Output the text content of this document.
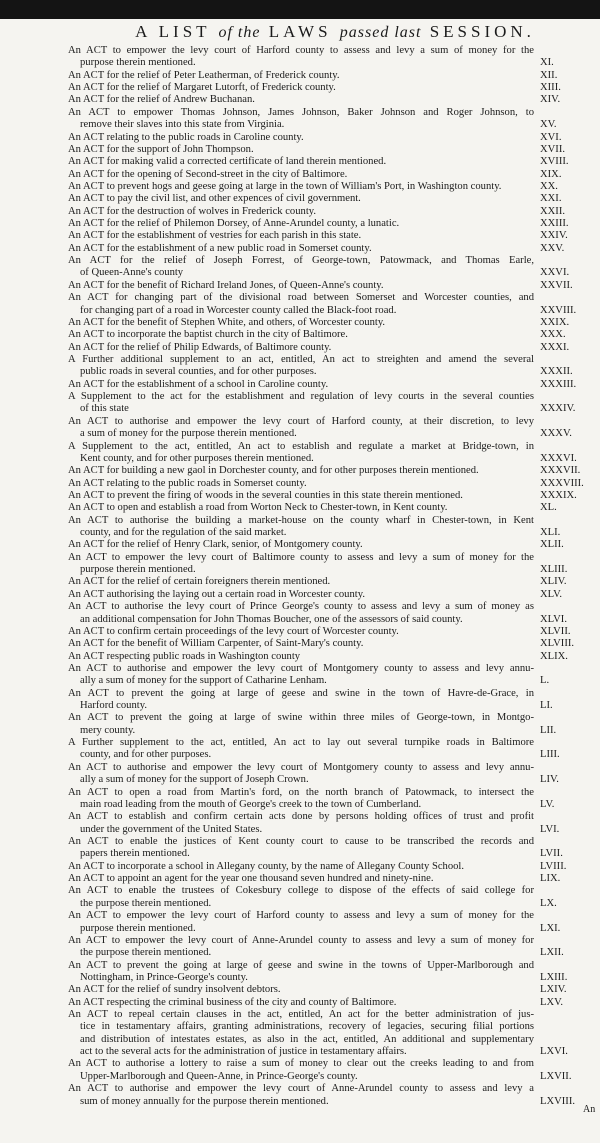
A LIST of the LAWS passed last SESSION.
An ACT to empower the levy court of Harford county to assess and levy a sum of money for the
purpose therein mentioned.	XI.
An ACT for the relief of Peter Leatherman, of Frederick county.	XII.
An ACT for the relief of Margaret Lutorft, of Frederick county.	XIII.
An ACT for the relief of Andrew Buchanan.	XIV.
An ACT to empower Thomas Johnson, James Johnson, Baker Johnson and Roger Johnson, to
remove their slaves into this state from Virginia.	XV.
An ACT relating to the public roads in Caroline county.	XVI.
An ACT for the support of John Thompson.	XVII.
An ACT for making valid a corrected certificate of land therein mentioned.	XVIII.
An ACT for the opening of Second-street in the city of Baltimore.	XIX.
An ACT to prevent hogs and geese going at large in the town of William's Port, in Washington county.	XX.
An ACT to pay the civil list, and other expences of civil government.	XXI.
An ACT for the destruction of wolves in Frederick county.	XXII.
An ACT for the relief of Philemon Dorsey, of Anne-Arundel county, a lunatic.	XXIII.
An ACT for the establishment of vestries for each parish in this state.	XXIV.
An ACT for the establishment of a new public road in Somerset county.	XXV.
An ACT for the relief of Joseph Forrest, of George-town, Patowmack, and Thomas Earle,
of Queen-Anne's county	XXVI.
An ACT for the benefit of Richard Ireland Jones, of Queen-Anne's county.	XXVII.
An ACT for changing part of the divisional road between Somerset and Worcester counties, and
for changing part of a road in Worcester county called the Black-foot road.	XXVIII.
An ACT for the benefit of Stephen White, and others, of Worcester county.	XXIX.
An ACT to incorporate the baptist church in the city of Baltimore.	XXX.
An ACT for the relief of Philip Edwards, of Baltimore county.	XXXI.
A Further additional supplement to an act, entitled, An act to streighten and amend the several
public roads in several counties, and for other purposes.	XXXII.
An ACT for the establishment of a school in Caroline county.	XXXIII.
A Supplement to the act for the establishment and regulation of levy courts in the several counties
of this state	XXXIV.
An ACT to authorise and empower the levy court of Harford county, at their discretion, to levy
a sum of money for the purpose therein mentioned.	XXXV.
A Supplement to the act, entitled, An act to establish and regulate a market at Bridge-town, in
Kent county, and for other purposes therein mentioned.	XXXVI.
An ACT for building a new gaol in Dorchester county, and for other purposes therein mentioned.	XXXVII.
An ACT relating to the public roads in Somerset county.	XXXVIII.
An ACT to prevent the firing of woods in the several counties in this state therein mentioned.	XXXIX.
An ACT to open and establish a road from Worton Neck to Chester-town, in Kent county.	XL.
An ACT to authorise the building a market-house on the county wharf in Chester-town, in Kent
county, and for the regulation of the said market.	XLI.
An ACT for the relief of Henry Clark, senior, of Montgomery county.	XLII.
An ACT to empower the levy court of Baltimore county to assess and levy a sum of money for the
purpose therein mentioned.	XLIII.
An ACT for the relief of certain foreigners therein mentioned.	XLIV.
An ACT authorising the laying out a certain road in Worcester county.	XLV.
An ACT to authorise the levy court of Prince George's county to assess and levy a sum of money as
an additional compensation for John Thomas Boucher, one of the assessors of said county.	XLVI.
An ACT to confirm certain proceedings of the levy court of Worcester county.	XLVII.
An ACT for the benefit of William Carpenter, of Saint-Mary's county.	XLVIII.
An ACT respecting public roads in Washington county	XLIX.
An ACT to authorise and empower the levy court of Montgomery county to assess and levy annu-
ally a sum of money for the support of Catharine Lenham.	L.
An ACT to prevent the going at large of geese and swine in the town of Havre-de-Grace, in
Harford county.	LI.
An ACT to prevent the going at large of swine within three miles of George-town, in Montgo-
mery county.	LII.
A Further supplement to the act, entitled, An act to lay out several turnpike roads in Baltimore
county, and for other purposes.	LIII.
An ACT to authorise and empower the levy court of Montgomery county to assess and levy annu-
ally a sum of money for the support of Joseph Crown.	LIV.
An ACT to open a road from Martin's ford, on the north branch of Patowmack, to intersect the
main road leading from the mouth of George's creek to the town of Cumberland.	LV.
An ACT to establish and confirm certain acts done by persons holding offices of trust and profit
under the government of the United States.	LVI.
An ACT to enable the justices of Kent county court to cause to be transcribed the records and
papers therein mentioned.	LVII.
An ACT to incorporate a school in Allegany county, by the name of Allegany County School.	LVIII.
An ACT to appoint an agent for the year one thousand seven hundred and ninety-nine.	LIX.
An ACT to enable the trustees of Cokesbury college to dispose of the effects of said college for
the purpose therein mentioned.	LX.
An ACT to empower the levy court of Harford county to assess and levy a sum of money for the
purpose therein mentioned.	LXI.
An ACT to empower the levy court of Anne-Arundel county to assess and levy a sum of money for
the purpose therein mentioned.	LXII.
An ACT to prevent the going at large of geese and swine in the towns of Upper-Marlborough and
Nottingham, in Prince-George's county.	LXIII.
An ACT for the relief of sundry insolvent debtors.	LXIV.
An ACT respecting the criminal business of the city and county of Baltimore.	LXV.
An ACT to repeal certain clauses in the act, entitled, An act for the better administration of jus-
tice in testamentary affairs, granting administrations, recovery of legacies, securing filial portions
and distribution of intestates estates, as also in the act, entitled, An additional and supplementary
act to the several acts for the administration of justice in testamentary affairs.	LXVI.
An ACT to authorise a lottery to raise a sum of money to clear out the creeks leading to and from
Upper-Marlborough and Queen-Anne, in Prince-George's county.	LXVII.
An ACT to authorise and empower the levy court of Anne-Arundel county to assess and levy a
sum of money annually for the purpose therein mentioned.	LXVIII.
An
